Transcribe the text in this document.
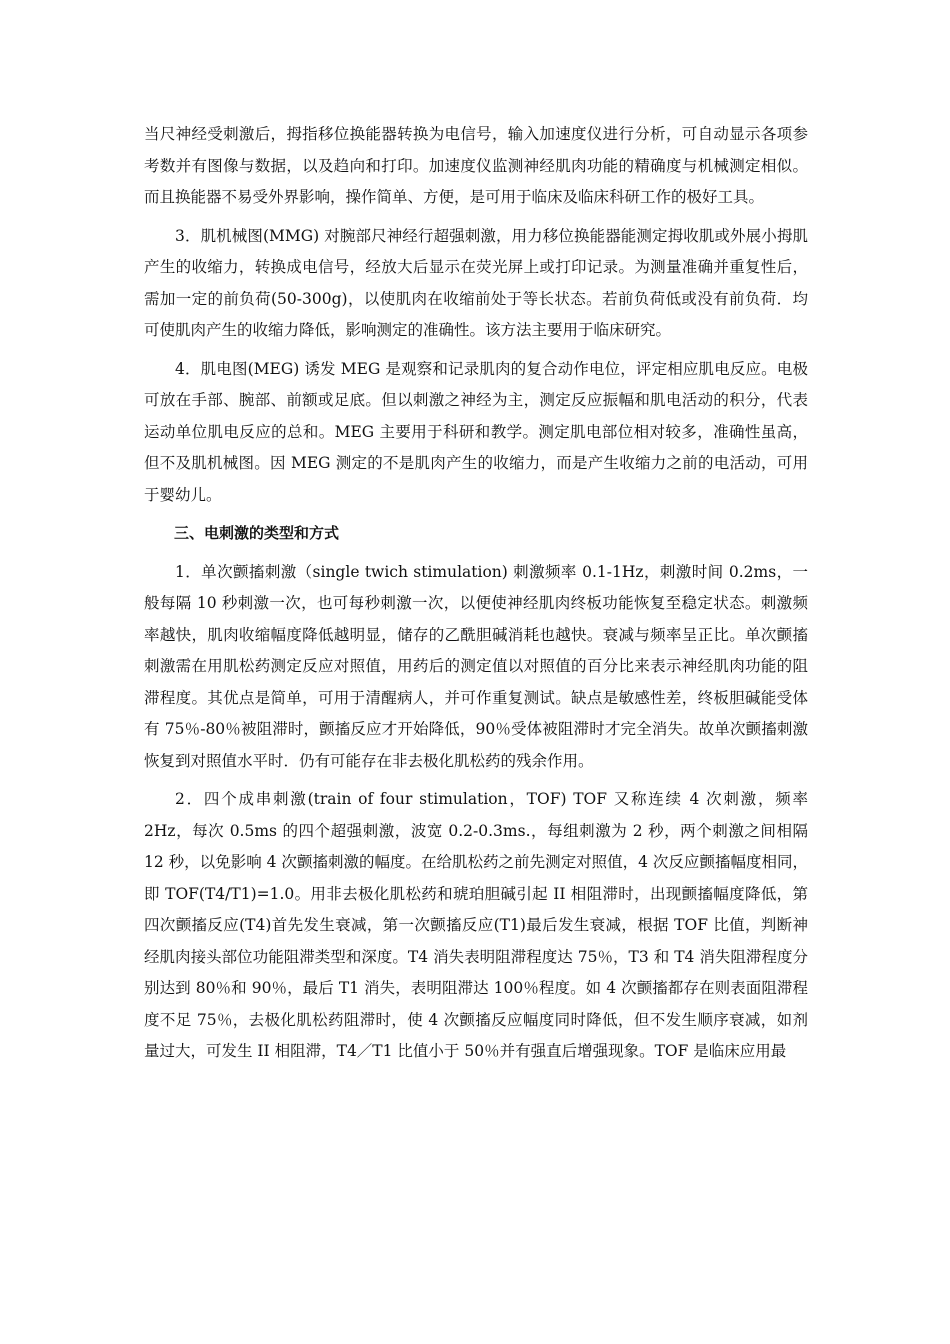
当尺神经受刺激后，拇指移位换能器转换为电信号，输入加速度仪进行分析，可自动显示各项参考数并有图像与数据，以及趋向和打印。加速度仪监测神经肌肉功能的精确度与机械测定相似。而且换能器不易受外界影响，操作简单、方便，是可用于临床及临床科研工作的极好工具。

3．肌机械图(MMG) 对腕部尺神经行超强刺激，用力移位换能器能测定拇收肌或外展小拇肌产生的收缩力，转换成电信号，经放大后显示在荧光屏上或打印记录。为测量准确并重复性后，需加一定的前负荷(50-300g)，以使肌肉在收缩前处于等长状态。若前负荷低或没有前负荷．均可使肌肉产生的收缩力降低，影响测定的准确性。该方法主要用于临床研究。

4．肌电图(MEG) 诱发 MEG 是观察和记录肌肉的复合动作电位，评定相应肌电反应。电极可放在手部、腕部、前额或足底。但以刺激之神经为主，测定反应振幅和肌电活动的积分，代表运动单位肌电反应的总和。MEG 主要用于科研和教学。测定肌电部位相对较多，准确性虽高，但不及肌机械图。因 MEG 测定的不是肌肉产生的收缩力，而是产生收缩力之前的电活动，可用于婴幼儿。

三、电刺激的类型和方式

1．单次颤搐刺激（single twich stimulation) 刺激频率 0.1-1Hz，刺激时间 0.2ms，一般每隔 10 秒刺激一次，也可每秒刺激一次，以便使神经肌肉终板功能恢复至稳定状态。刺激频率越快，肌肉收缩幅度降低越明显，储存的乙酰胆碱消耗也越快。衰减与频率呈正比。单次颤搐刺激需在用肌松药测定反应对照值，用药后的测定值以对照值的百分比来表示神经肌肉功能的阻滞程度。其优点是简单，可用于清醒病人，并可作重复测试。缺点是敏感性差，终板胆碱能受体有 75％-80％被阻滞时，颤搐反应才开始降低，90％受体被阻滞时才完全消失。故单次颤搐刺激恢复到对照值水平时．仍有可能存在非去极化肌松药的残余作用。

2．四个成串刺激(train of four stimulation，TOF) TOF 又称连续 4 次刺激，频率 2Hz，每次 0.5ms 的四个超强刺激，波宽 0.2-0.3ms.，每组刺激为 2 秒，两个刺激之间相隔 12 秒，以免影响 4 次颤搐刺激的幅度。在给肌松药之前先测定对照值，4 次反应颤搐幅度相同，即 TOF(T4/T1)=1.0。用非去极化肌松药和琥珀胆碱引起 II 相阻滞时，出现颤搐幅度降低，第四次颤搐反应(T4)首先发生衰减，第一次颤搐反应(T1)最后发生衰减，根据 TOF 比值，判断神经肌肉接头部位功能阻滞类型和深度。T4 消失表明阻滞程度达 75％，T3 和 T4 消失阻滞程度分别达到 80％和 90％，最后 T1 消失，表明阻滞达 100％程度。如 4 次颤搐都存在则表面阻滞程度不足 75％，去极化肌松药阻滞时，使 4 次颤搐反应幅度同时降低，但不发生顺序衰减，如剂量过大，可发生 II 相阻滞，T4／T1 比值小于 50％并有强直后增强现象。TOF 是临床应用最
